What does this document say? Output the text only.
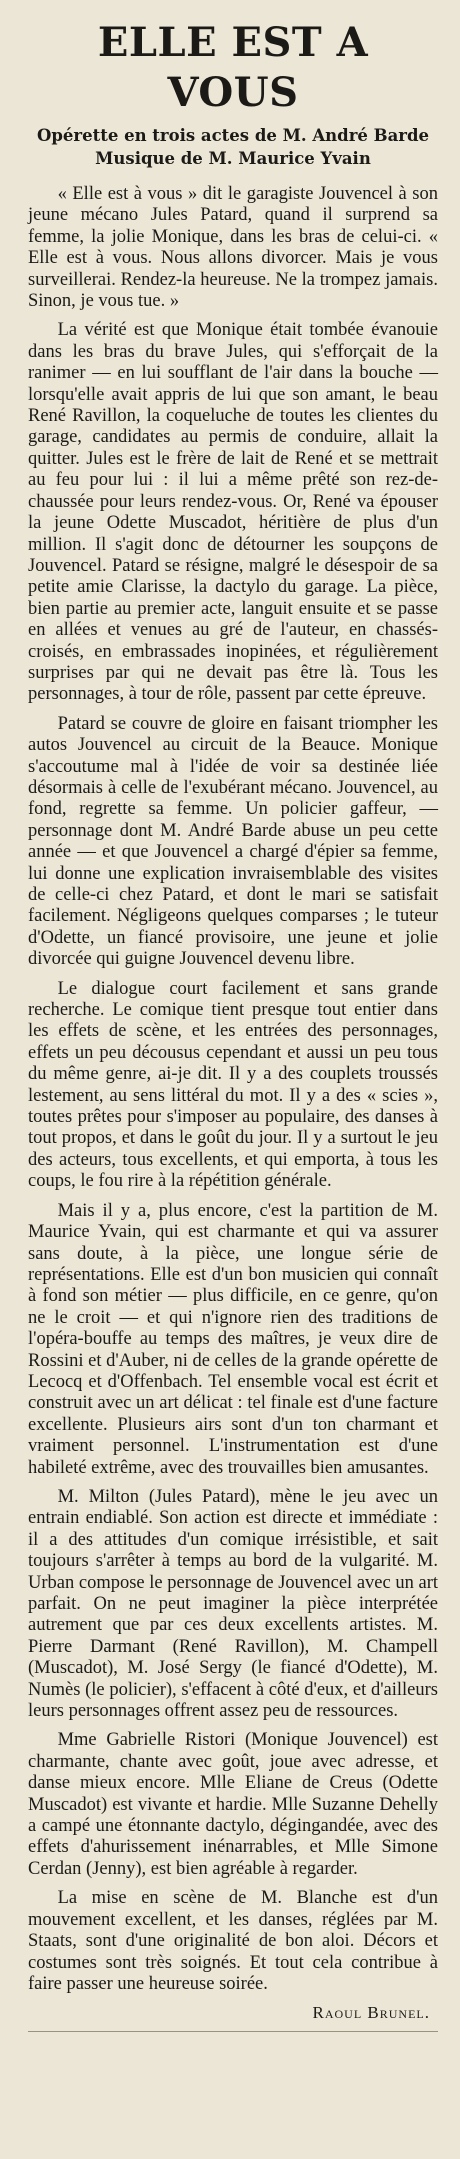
ELLE EST A VOUS

Opérette en trois actes de M. André Barde

Musique de M. Maurice Yvain

« Elle est à vous » dit le garagiste Jouvencel à son jeune mécano Jules Patard, quand il surprend sa femme, la jolie Monique, dans les bras de celui-ci. « Elle est à vous. Nous allons divorcer. Mais je vous surveillerai. Rendez-la heureuse. Ne la trompez jamais. Sinon, je vous tue. »

La vérité est que Monique était tombée évanouie dans les bras du brave Jules, qui s'efforçait de la ranimer — en lui soufflant de l'air dans la bouche — lorsqu'elle avait appris de lui que son amant, le beau René Ravillon, la coqueluche de toutes les clientes du garage, candidates au permis de conduire, allait la quitter. Jules est le frère de lait de René et se mettrait au feu pour lui : il lui a même prêté son rez-de-chaussée pour leurs rendez-vous. Or, René va épouser la jeune Odette Muscadot, héritière de plus d'un million. Il s'agit donc de détourner les soupçons de Jouvencel. Patard se résigne, malgré le désespoir de sa petite amie Clarisse, la dactylo du garage. La pièce, bien partie au premier acte, languit ensuite et se passe en allées et venues au gré de l'auteur, en chassés-croisés, en embrassades inopinées, et régulièrement surprises par qui ne devait pas être là. Tous les personnages, à tour de rôle, passent par cette épreuve.

Patard se couvre de gloire en faisant triompher les autos Jouvencel au circuit de la Beauce. Monique s'accoutume mal à l'idée de voir sa destinée liée désormais à celle de l'exubérant mécano. Jouvencel, au fond, regrette sa femme. Un policier gaffeur, — personnage dont M. André Barde abuse un peu cette année — et que Jouvencel a chargé d'épier sa femme, lui donne une explication invraisemblable des visites de celle-ci chez Patard, et dont le mari se satisfait facilement. Négligeons quelques comparses ; le tuteur d'Odette, un fiancé provisoire, une jeune et jolie divorcée qui guigne Jouvencel devenu libre.

Le dialogue court facilement et sans grande recherche. Le comique tient presque tout entier dans les effets de scène, et les entrées des personnages, effets un peu décousus cependant et aussi un peu tous du même genre, ai-je dit. Il y a des couplets troussés lestement, au sens littéral du mot. Il y a des « scies », toutes prêtes pour s'imposer au populaire, des danses à tout propos, et dans le goût du jour. Il y a surtout le jeu des acteurs, tous excellents, et qui emporta, à tous les coups, le fou rire à la répétition générale.

Mais il y a, plus encore, c'est la partition de M. Maurice Yvain, qui est charmante et qui va assurer sans doute, à la pièce, une longue série de représentations. Elle est d'un bon musicien qui connaît à fond son métier — plus difficile, en ce genre, qu'on ne le croit — et qui n'ignore rien des traditions de l'opéra-bouffe au temps des maîtres, je veux dire de Rossini et d'Auber, ni de celles de la grande opérette de Lecocq et d'Offenbach. Tel ensemble vocal est écrit et construit avec un art délicat : tel finale est d'une facture excellente. Plusieurs airs sont d'un ton charmant et vraiment personnel. L'instrumentation est d'une habileté extrême, avec des trouvailles bien amusantes.

M. Milton (Jules Patard), mène le jeu avec un entrain endiablé. Son action est directe et immédiate : il a des attitudes d'un comique irrésistible, et sait toujours s'arrêter à temps au bord de la vulgarité. M. Urban compose le personnage de Jouvencel avec un art parfait. On ne peut imaginer la pièce interprétée autrement que par ces deux excellents artistes. M. Pierre Darmant (René Ravillon), M. Champell (Muscadot), M. José Sergy (le fiancé d'Odette), M. Numès (le policier), s'effacent à côté d'eux, et d'ailleurs leurs personnages offrent assez peu de ressources.

Mme Gabrielle Ristori (Monique Jouvencel) est charmante, chante avec goût, joue avec adresse, et danse mieux encore. Mlle Eliane de Creus (Odette Muscadot) est vivante et hardie. Mlle Suzanne Dehelly a campé une étonnante dactylo, dégingandée, avec des effets d'ahurissement inénarrables, et Mlle Simone Cerdan (Jenny), est bien agréable à regarder.

La mise en scène de M. Blanche est d'un mouvement excellent, et les danses, réglées par M. Staats, sont d'une originalité de bon aloi. Décors et costumes sont très soignés. Et tout cela contribue à faire passer une heureuse soirée.

Raoul Brunel.
